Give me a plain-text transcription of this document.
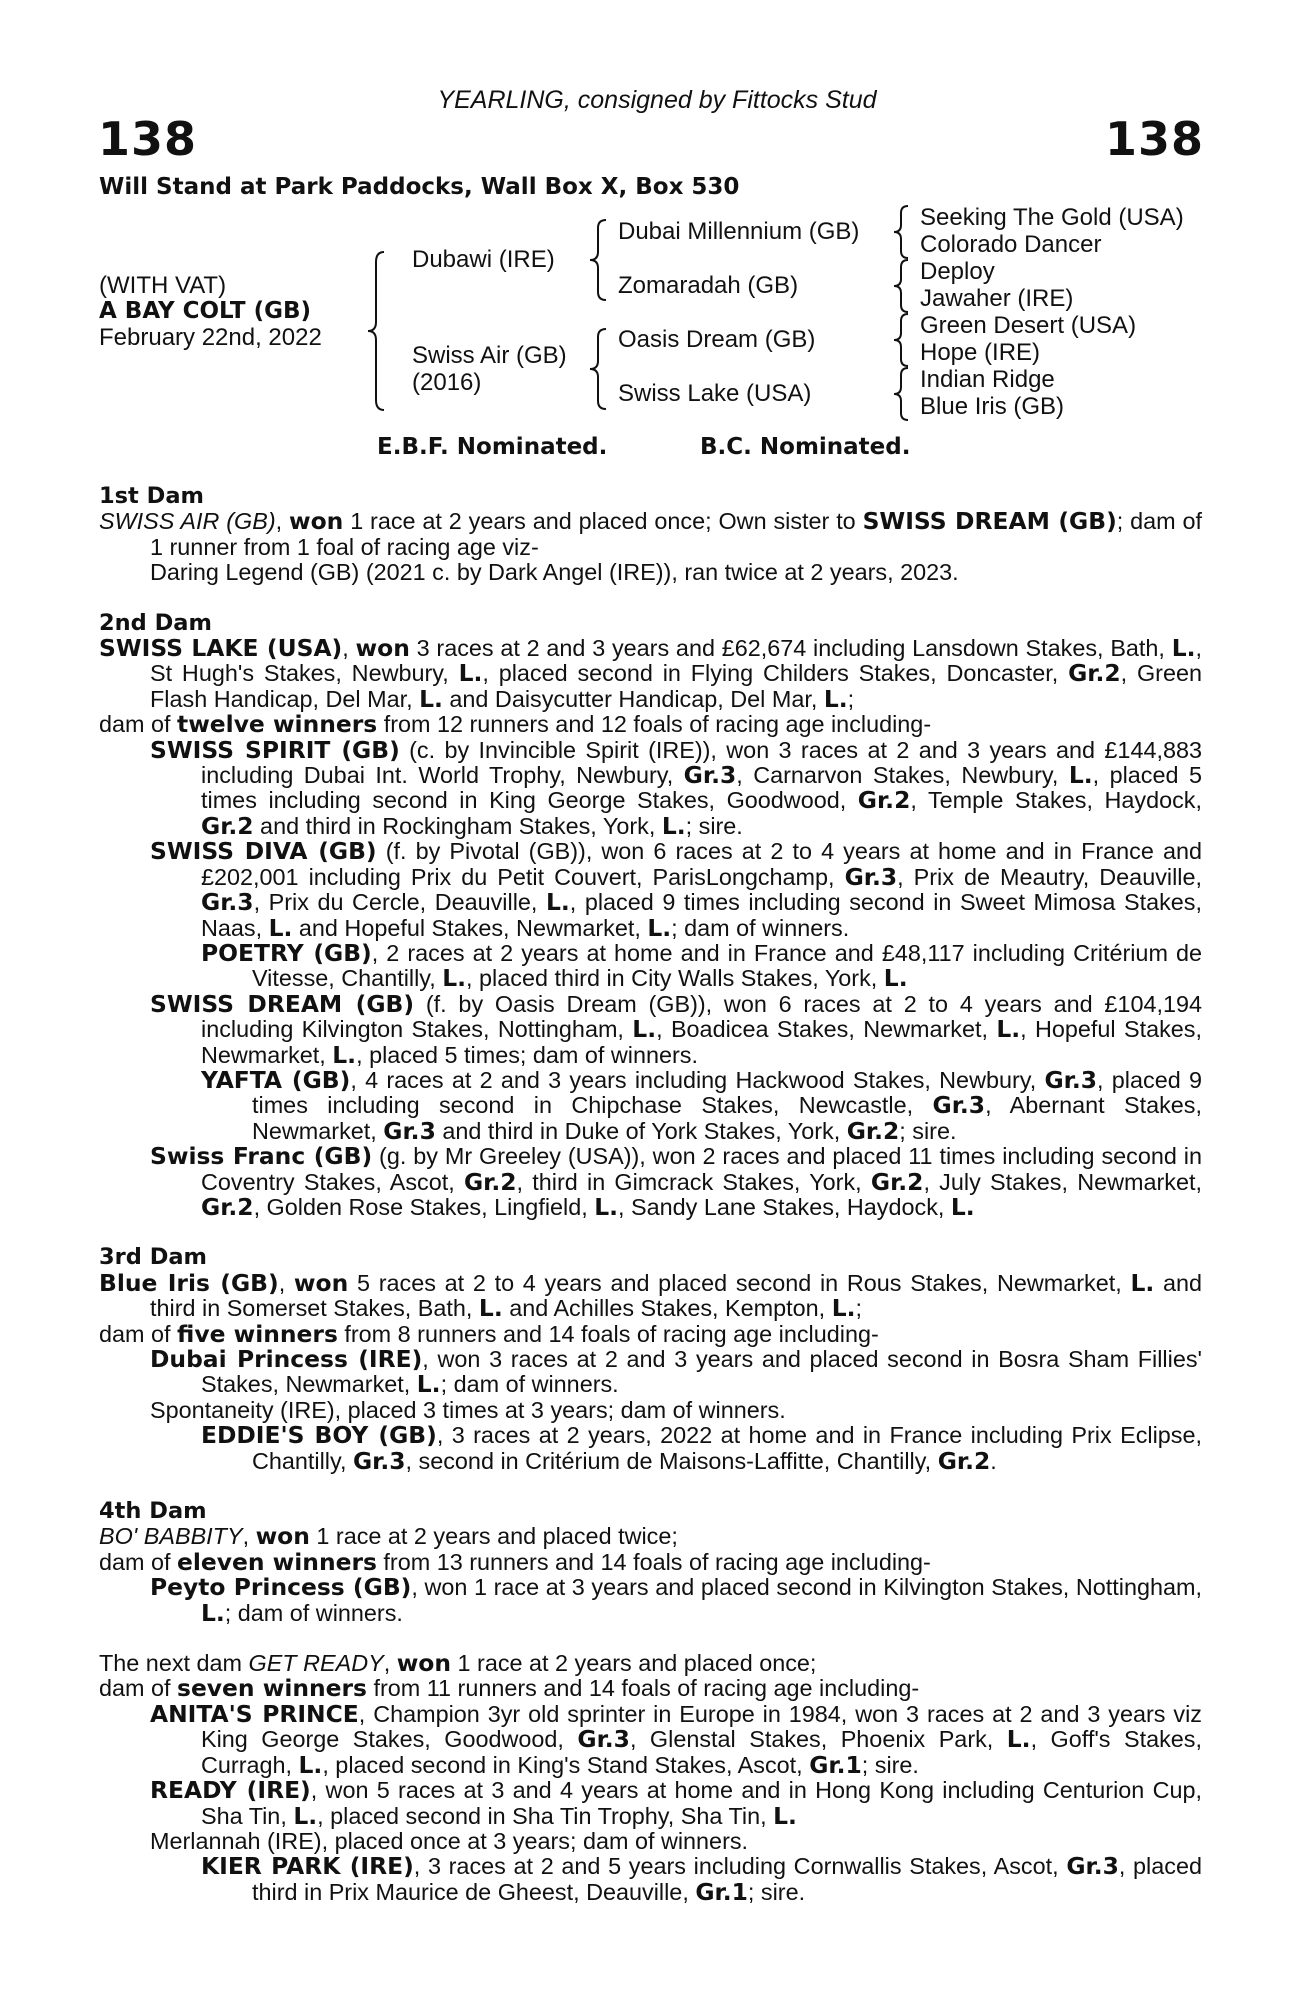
YEARLING, consigned by Fittocks Stud
138	138
Will Stand at Park Paddocks, Wall Box X, Box 530
(WITH VAT)
A BAY COLT (GB)
February 22nd, 2022
Dubawi (IRE)
Swiss Air (GB)
(2016)
Dubai Millennium (GB)
Zomaradah (GB)
Oasis Dream (GB)
Swiss Lake (USA)
Seeking The Gold (USA)
Colorado Dancer
Deploy
Jawaher (IRE)
Green Desert (USA)
Hope (IRE)
Indian Ridge
Blue Iris (GB)
E.B.F. Nominated.	B.C. Nominated.
1st Dam

SWISS AIR (GB), won 1 race at 2 years and placed once; Own sister to SWISS DREAM (GB); dam of 1 runner from 1 foal of racing age viz-

Daring Legend (GB) (2021 c. by Dark Angel (IRE)), ran twice at 2 years, 2023.

2nd Dam

SWISS LAKE (USA), won 3 races at 2 and 3 years and £62,674 including Lansdown Stakes, Bath, L., St Hugh's Stakes, Newbury, L., placed second in Flying Childers Stakes, Doncaster, Gr.2, Green Flash Handicap, Del Mar, L. and Daisycutter Handicap, Del Mar, L.;

dam of twelve winners from 12 runners and 12 foals of racing age including-

SWISS SPIRIT (GB) (c. by Invincible Spirit (IRE)), won 3 races at 2 and 3 years and £144,883 including Dubai Int. World Trophy, Newbury, Gr.3, Carnarvon Stakes, Newbury, L., placed 5 times including second in King George Stakes, Goodwood, Gr.2, Temple Stakes, Haydock, Gr.2 and third in Rockingham Stakes, York, L.; sire.

SWISS DIVA (GB) (f. by Pivotal (GB)), won 6 races at 2 to 4 years at home and in France and £202,001 including Prix du Petit Couvert, ParisLongchamp, Gr.3, Prix de Meautry, Deauville, Gr.3, Prix du Cercle, Deauville, L., placed 9 times including second in Sweet Mimosa Stakes, Naas, L. and Hopeful Stakes, Newmarket, L.; dam of winners.

POETRY (GB), 2 races at 2 years at home and in France and £48,117 including Critérium de Vitesse, Chantilly, L., placed third in City Walls Stakes, York, L.

SWISS DREAM (GB) (f. by Oasis Dream (GB)), won 6 races at 2 to 4 years and £104,194 including Kilvington Stakes, Nottingham, L., Boadicea Stakes, Newmarket, L., Hopeful Stakes, Newmarket, L., placed 5 times; dam of winners.

YAFTA (GB), 4 races at 2 and 3 years including Hackwood Stakes, Newbury, Gr.3, placed 9 times including second in Chipchase Stakes, Newcastle, Gr.3, Abernant Stakes, Newmarket, Gr.3 and third in Duke of York Stakes, York, Gr.2; sire.

Swiss Franc (GB) (g. by Mr Greeley (USA)), won 2 races and placed 11 times including second in Coventry Stakes, Ascot, Gr.2, third in Gimcrack Stakes, York, Gr.2, July Stakes, Newmarket, Gr.2, Golden Rose Stakes, Lingfield, L., Sandy Lane Stakes, Haydock, L.

3rd Dam

Blue Iris (GB), won 5 races at 2 to 4 years and placed second in Rous Stakes, Newmarket, L. and third in Somerset Stakes, Bath, L. and Achilles Stakes, Kempton, L.;

dam of five winners from 8 runners and 14 foals of racing age including-

Dubai Princess (IRE), won 3 races at 2 and 3 years and placed second in Bosra Sham Fillies' Stakes, Newmarket, L.; dam of winners.

Spontaneity (IRE), placed 3 times at 3 years; dam of winners.

EDDIE'S BOY (GB), 3 races at 2 years, 2022 at home and in France including Prix Eclipse, Chantilly, Gr.3, second in Critérium de Maisons-Laffitte, Chantilly, Gr.2.

4th Dam

BO' BABBITY, won 1 race at 2 years and placed twice;

dam of eleven winners from 13 runners and 14 foals of racing age including-

Peyto Princess (GB), won 1 race at 3 years and placed second in Kilvington Stakes, Nottingham, L.; dam of winners.

The next dam GET READY, won 1 race at 2 years and placed once;

dam of seven winners from 11 runners and 14 foals of racing age including-

ANITA'S PRINCE, Champion 3yr old sprinter in Europe in 1984, won 3 races at 2 and 3 years viz King George Stakes, Goodwood, Gr.3, Glenstal Stakes, Phoenix Park, L., Goff's Stakes, Curragh, L., placed second in King's Stand Stakes, Ascot, Gr.1; sire.

READY (IRE), won 5 races at 3 and 4 years at home and in Hong Kong including Centurion Cup, Sha Tin, L., placed second in Sha Tin Trophy, Sha Tin, L.

Merlannah (IRE), placed once at 3 years; dam of winners.

KIER PARK (IRE), 3 races at 2 and 5 years including Cornwallis Stakes, Ascot, Gr.3, placed third in Prix Maurice de Gheest, Deauville, Gr.1; sire.
